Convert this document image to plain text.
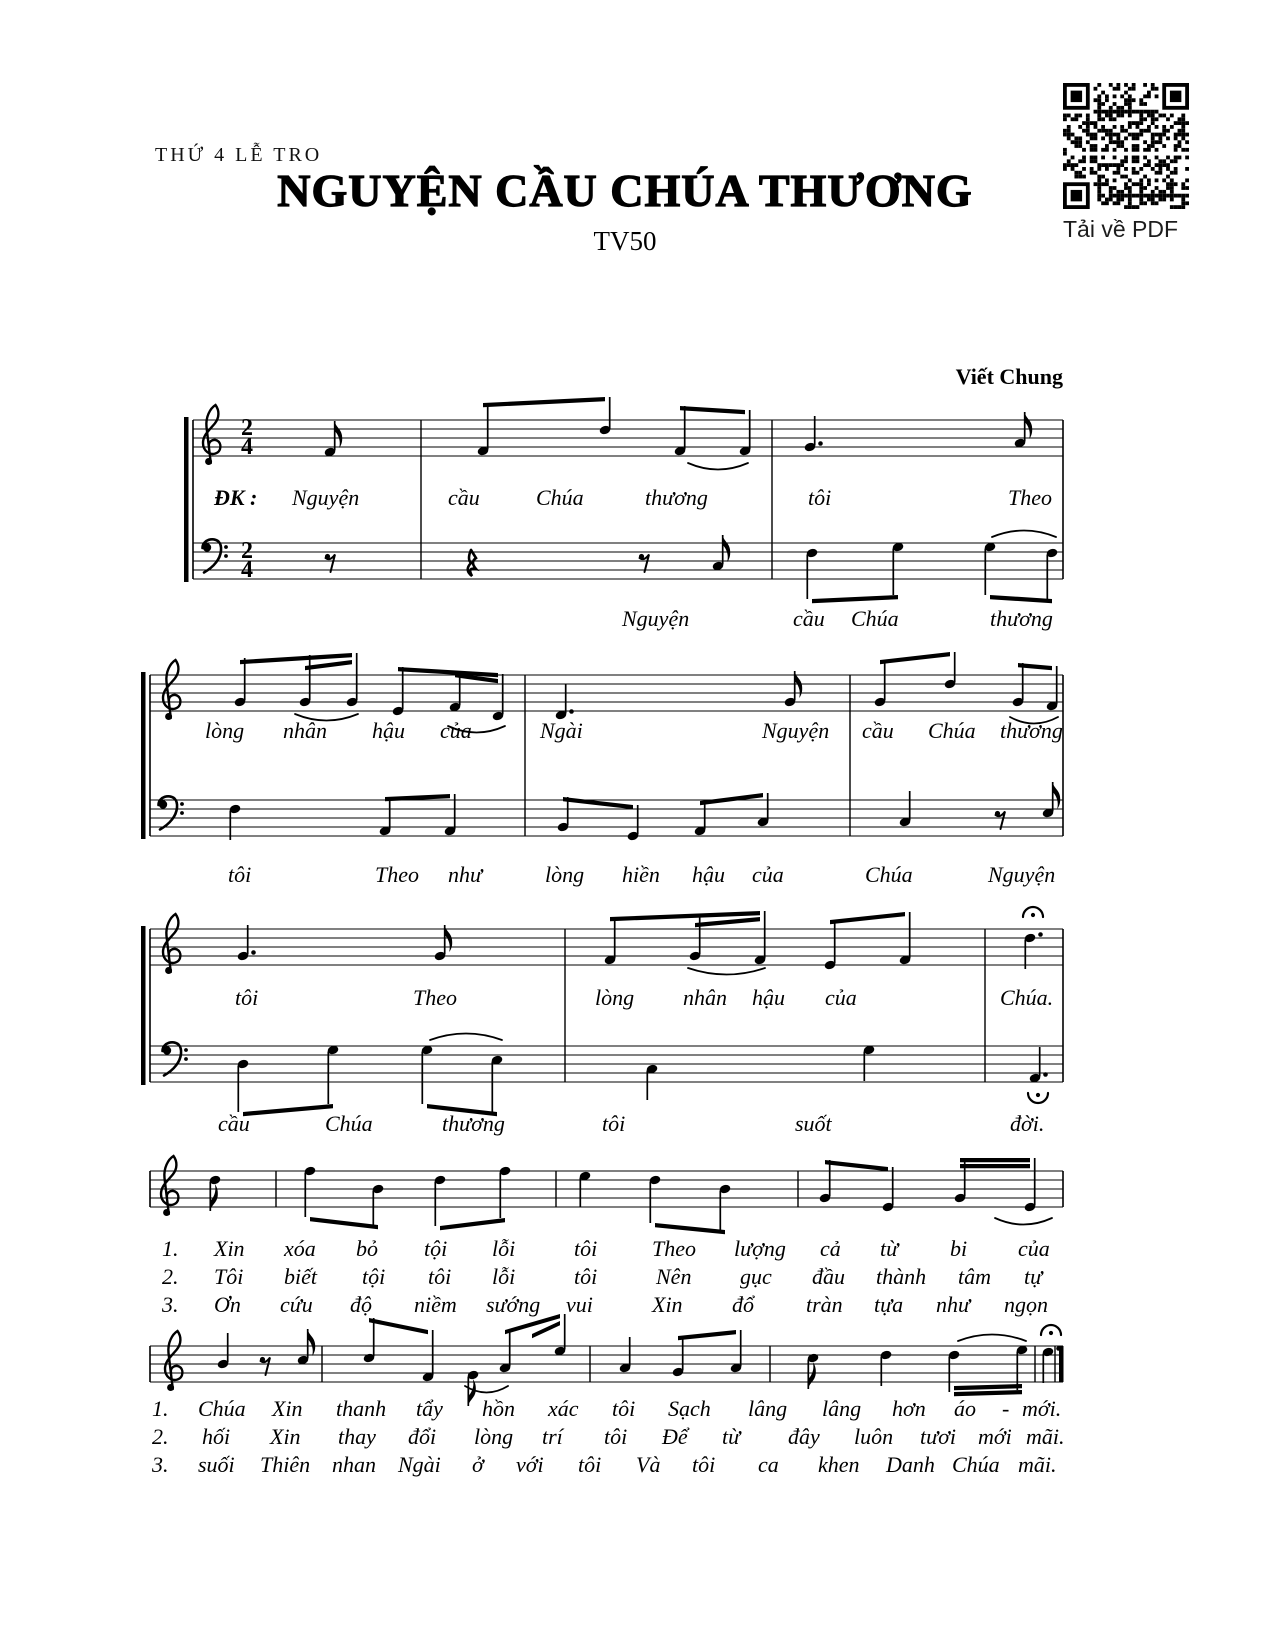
THỨ 4 LỄ TRO
NGUYỆN CẦU CHÚA THƯƠNG
TV50
Viết Chung
Tải về PDF
2
4
2
4
ĐK : Nguyện	cầu	Chúa	thương	tôi	Theo
Nguyện	cầu Chúa	thương
lòng nhân hậu của	Ngài	Nguyện cầu Chúa thương
tôi	Theo như	lòng hiền hậu của	Chúa	Nguyện
tôi	Theo	lòng nhân hậu của	Chúa.
cầu	Chúa	thương	tôi	suốt	đời.
1. Xin xóa bỏ tội lỗi	tôi Theo lượng cả từ bi của
2. Tôi biết tội tôi lỗi	tôi	Nên gục đầu thành tâm tự
3. Ơn cứu độ niềm sướng vui	Xin đổ tràn tựa như ngọn
1. Chúa Xin thanh tẩy hồn xác tôi Sạch lâng lâng hơn áo - mới.
2. hối Xin thay đổi lòng trí tôi Để từ đây luôn tươi mới mãi.
3. suối Thiên nhan Ngài ở với tôi Và tôi ca khen Danh Chúa mãi.
